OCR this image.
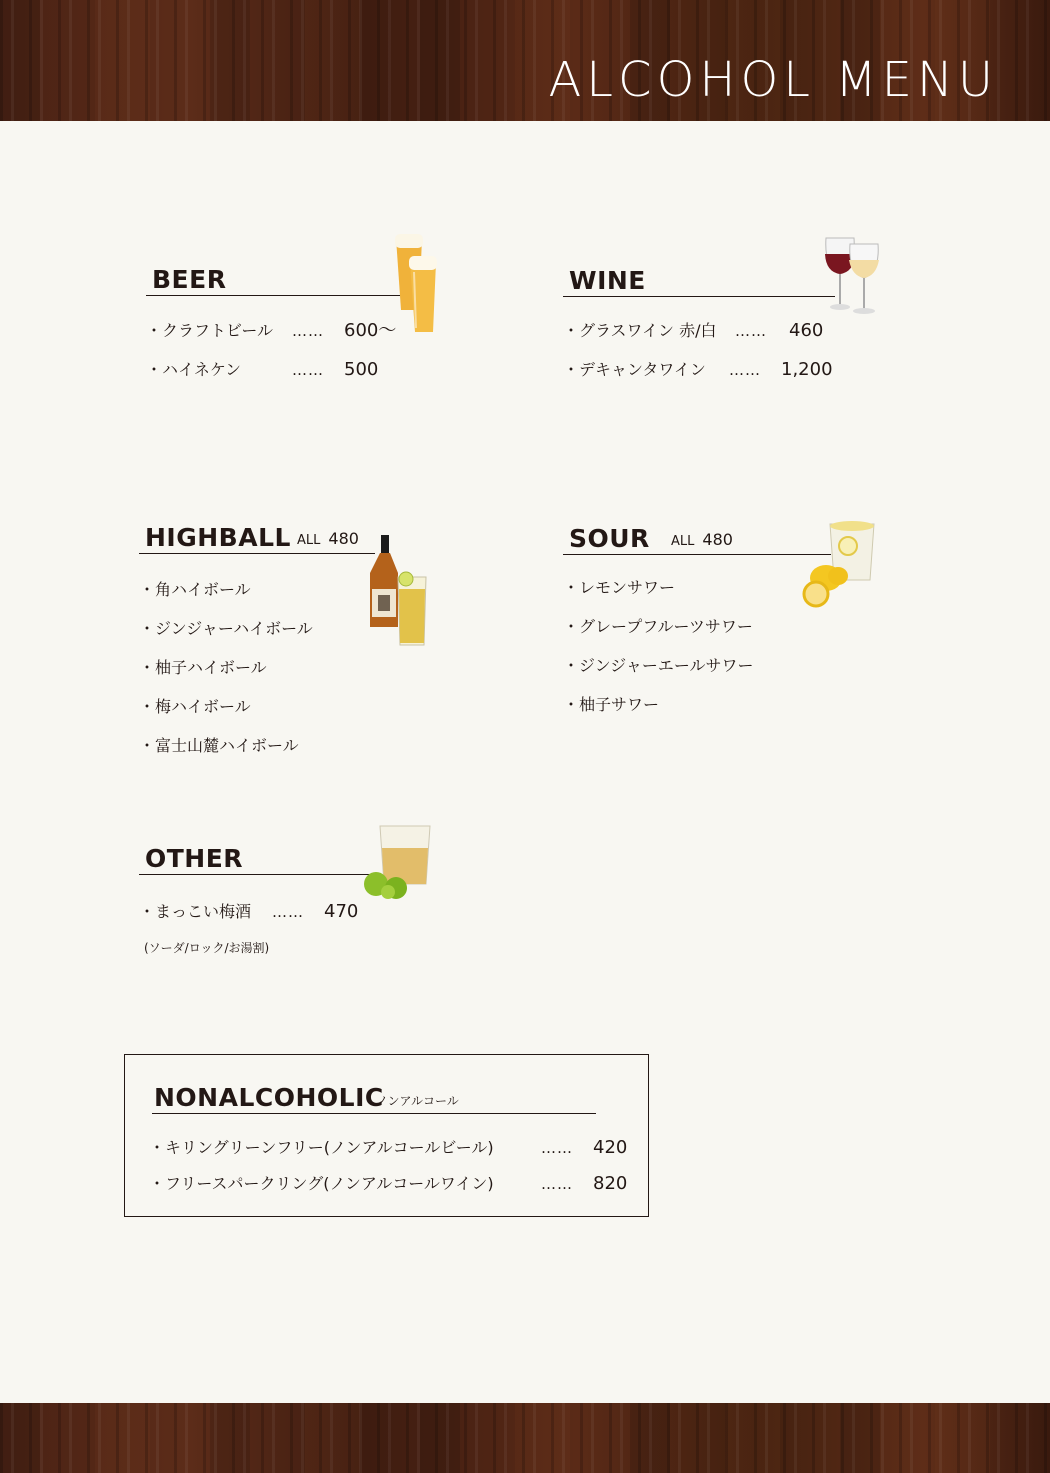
ALCOHOL MENU
BEER
・クラフトビール …… 600～
・ハイネケン	…… 500
WINE
・グラスワイン 赤/白 …… 460
・デキャンタワイン …… 1,200
HIGHBALL ALL 480
・角ハイボール
・ジンジャーハイボール
・柚子ハイボール
・梅ハイボール
・富士山麓ハイボール
SOUR ALL 480
・レモンサワー
・グレープフルーツサワー
・ジンジャーエールサワー
・柚子サワー
OTHER
・まっこい梅酒 …… 470
(ソーダ/ロック/お湯割)
NONALCOHOLIC
ノンアルコール
・キリングリーンフリー(ノンアルコールビール)	…… 420
・フリースパークリング(ノンアルコールワイン)	…… 820
